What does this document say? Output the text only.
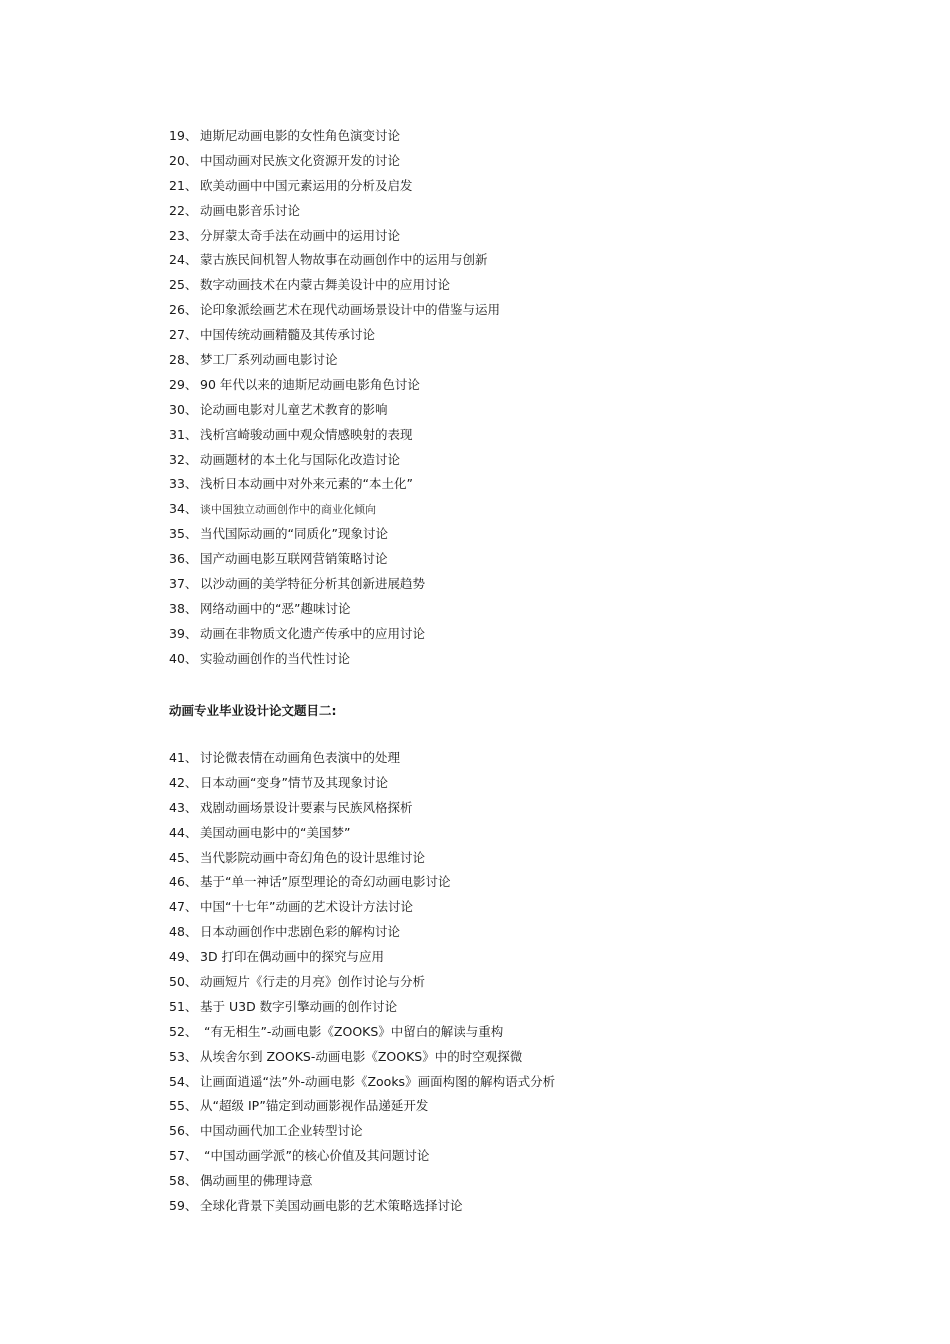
19、 迪斯尼动画电影的女性角色演变讨论
20、 中国动画对民族文化资源开发的讨论
21、 欧美动画中中国元素运用的分析及启发
22、 动画电影音乐讨论
23、 分屏蒙太奇手法在动画中的运用讨论
24、 蒙古族民间机智人物故事在动画创作中的运用与创新
25、 数字动画技术在内蒙古舞美设计中的应用讨论
26、 论印象派绘画艺术在现代动画场景设计中的借鉴与运用
27、 中国传统动画精髓及其传承讨论
28、 梦工厂系列动画电影讨论
29、 90 年代以来的迪斯尼动画电影角色讨论
30、 论动画电影对儿童艺术教育的影响
31、 浅析宫崎骏动画中观众情感映射的表现
32、 动画题材的本土化与国际化改造讨论
33、 浅析日本动画中对外来元素的“本土化”
34、 谈中国独立动画创作中的商业化倾向
35、 当代国际动画的“同质化”现象讨论
36、 国产动画电影互联网营销策略讨论
37、 以沙动画的美学特征分析其创新进展趋势
38、 网络动画中的“恶”趣味讨论
39、 动画在非物质文化遗产传承中的应用讨论
40、 实验动画创作的当代性讨论
动画专业毕业设计论文题目二:
41、 讨论微表情在动画角色表演中的处理
42、 日本动画“变身”情节及其现象讨论
43、 戏剧动画场景设计要素与民族风格探析
44、 美国动画电影中的“美国梦”
45、 当代影院动画中奇幻角色的设计思维讨论
46、 基于“单一神话”原型理论的奇幻动画电影讨论
47、 中国“十七年”动画的艺术设计方法讨论
48、 日本动画创作中悲剧色彩的解构讨论
49、 3D 打印在偶动画中的探究与应用
50、 动画短片《行走的月亮》创作讨论与分析
51、 基于 U3D 数字引擎动画的创作讨论
52、 “有无相生”-动画电影《ZOOKS》中留白的解读与重构
53、 从埃舍尔到 ZOOKS-动画电影《ZOOKS》中的时空观探微
54、 让画面逍遥“法”外-动画电影《Zooks》画面构图的解构语式分析
55、 从“超级 IP”锚定到动画影视作品递延开发
56、 中国动画代加工企业转型讨论
57、 “中国动画学派”的核心价值及其问题讨论
58、 偶动画里的佛理诗意
59、 全球化背景下美国动画电影的艺术策略选择讨论
